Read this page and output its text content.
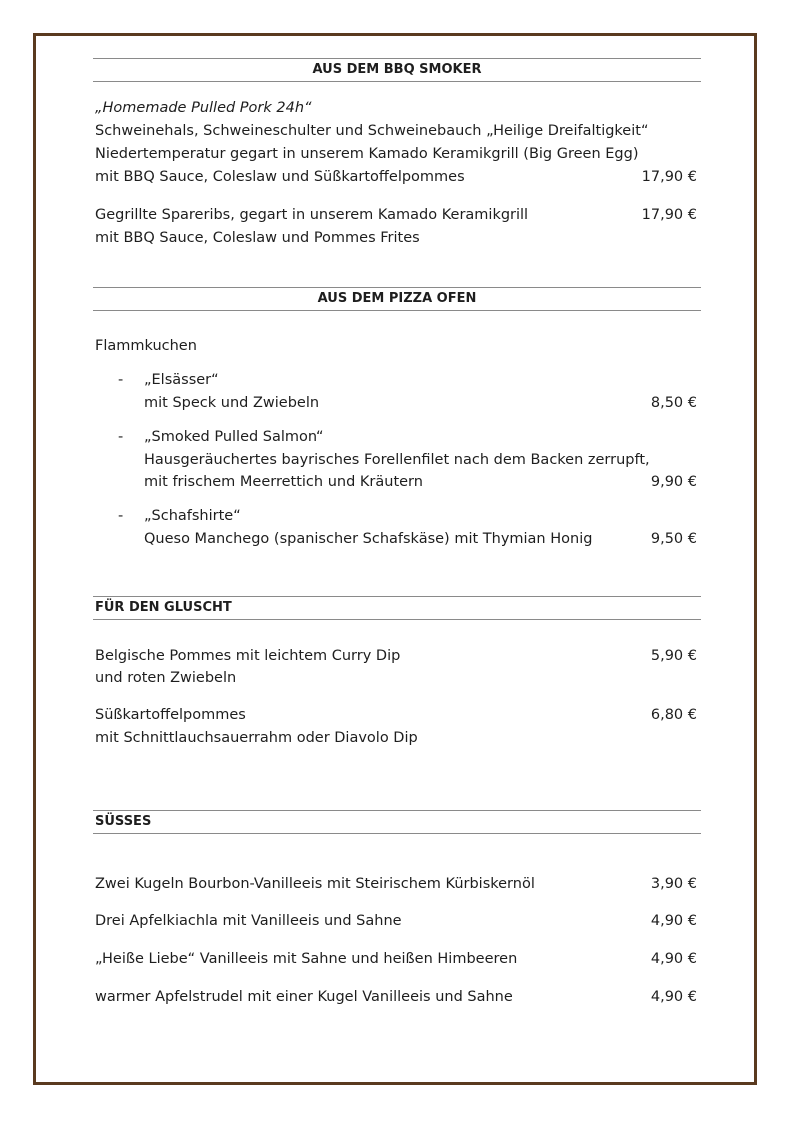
AUS DEM BBQ SMOKER
„Homemade Pulled Pork 24h“
Schweinehals, Schweineschulter und Schweinebauch „Heilige Dreifaltigkeit“
Niedertemperatur gegart in unserem Kamado Keramikgrill (Big Green Egg)
mit BBQ Sauce, Coleslaw und Süßkartoffelpommes	17,90 €
Gegrillte Spareribs, gegart in unserem Kamado Keramikgrill	17,90 €
mit BBQ Sauce, Coleslaw und Pommes Frites
AUS DEM PIZZA OFEN
Flammkuchen
- „Elsässer“
mit Speck und Zwiebeln	8,50 €
- „Smoked Pulled Salmon“
Hausgeräuchertes bayrisches Forellenfilet nach dem Backen zerrupft,
mit frischem Meerrettich und Kräutern	9,90 €
- „Schafshirte“
Queso Manchego (spanischer Schafskäse) mit Thymian Honig	9,50 €
FÜR DEN GLUSCHT
Belgische Pommes mit leichtem Curry Dip	5,90 €
und roten Zwiebeln
Süßkartoffelpommes	6,80 €
mit Schnittlauchsauerrahm oder Diavolo Dip
SÜSSES
Zwei Kugeln Bourbon-Vanilleeis mit Steirischem Kürbiskernöl	3,90 €
Drei Apfelkiachla mit Vanilleeis und Sahne	4,90 €
„Heiße Liebe“ Vanilleeis mit Sahne und heißen Himbeeren	4,90 €
warmer Apfelstrudel mit einer Kugel Vanilleeis und Sahne	4,90 €
